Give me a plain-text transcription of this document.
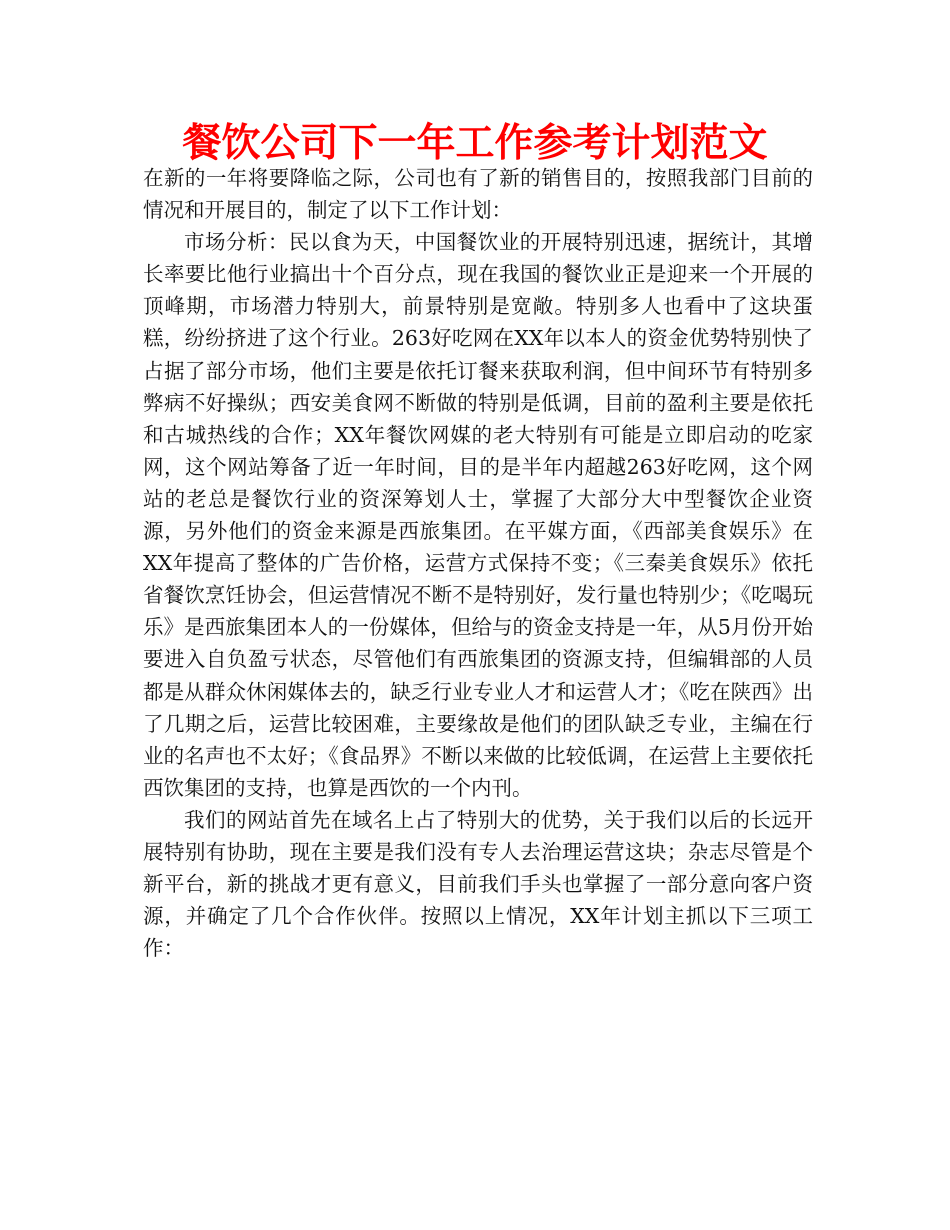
餐饮公司下一年工作参考计划范文

在新的一年将要降临之际，公司也有了新的销售目的，按照我部门目前的情况和开展目的，制定了以下工作计划：

市场分析：民以食为天，中国餐饮业的开展特别迅速，据统计，其增长率要比他行业搞出十个百分点，现在我国的餐饮业正是迎来一个开展的顶峰期，市场潜力特别大，前景特别是宽敞。特别多人也看中了这块蛋糕，纷纷挤进了这个行业。263好吃网在XX年以本人的资金优势特别快了占据了部分市场，他们主要是依托订餐来获取利润，但中间环节有特别多弊病不好操纵；西安美食网不断做的特别是低调，目前的盈利主要是依托和古城热线的合作；XX年餐饮网媒的老大特别有可能是立即启动的吃家网，这个网站筹备了近一年时间，目的是半年内超越263好吃网，这个网站的老总是餐饮行业的资深筹划人士，掌握了大部分大中型餐饮企业资源，另外他们的资金来源是西旅集团。在平媒方面，《西部美食娱乐》在XX年提高了整体的广告价格，运营方式保持不变；《三秦美食娱乐》依托省餐饮烹饪协会，但运营情况不断不是特别好，发行量也特别少；《吃喝玩乐》是西旅集团本人的一份媒体，但给与的资金支持是一年，从5月份开始要进入自负盈亏状态，尽管他们有西旅集团的资源支持，但编辑部的人员都是从群众休闲媒体去的，缺乏行业专业人才和运营人才；《吃在陕西》出了几期之后，运营比较困难，主要缘故是他们的团队缺乏专业，主编在行业的名声也不太好；《食品界》不断以来做的比较低调，在运营上主要依托西饮集团的支持，也算是西饮的一个内刊。

我们的网站首先在域名上占了特别大的优势，关于我们以后的长远开展特别有协助，现在主要是我们没有专人去治理运营这块；杂志尽管是个新平台，新的挑战才更有意义，目前我们手头也掌握了一部分意向客户资源，并确定了几个合作伙伴。按照以上情况，XX年计划主抓以下三项工作：
